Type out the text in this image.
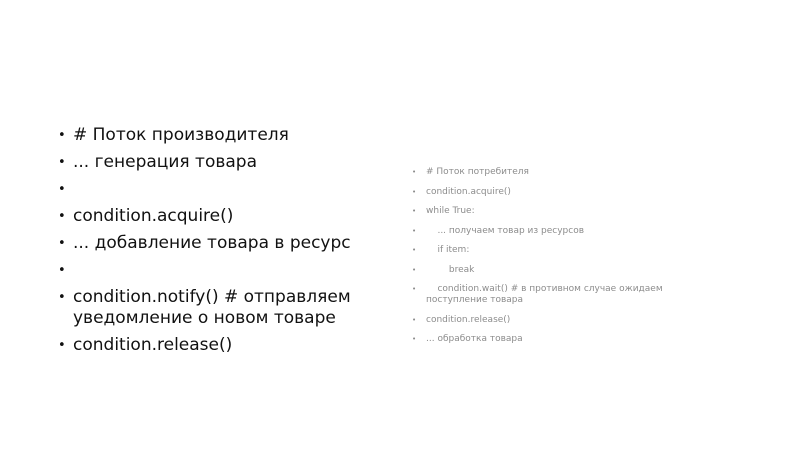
• # Поток производителя
• ... генерация товара
•
• condition.acquire()
• ... добавление товара в ресурс
•
• condition.notify() # отправляем уведомление о новом товаре
• condition.release()
• # Поток потребителя
• condition.acquire()
• while True:
• ... получаем товар из ресурсов
• if item:
• break
• condition.wait() # в противном случае ожидаем поступление товара
• condition.release()
• ... обработка товара
